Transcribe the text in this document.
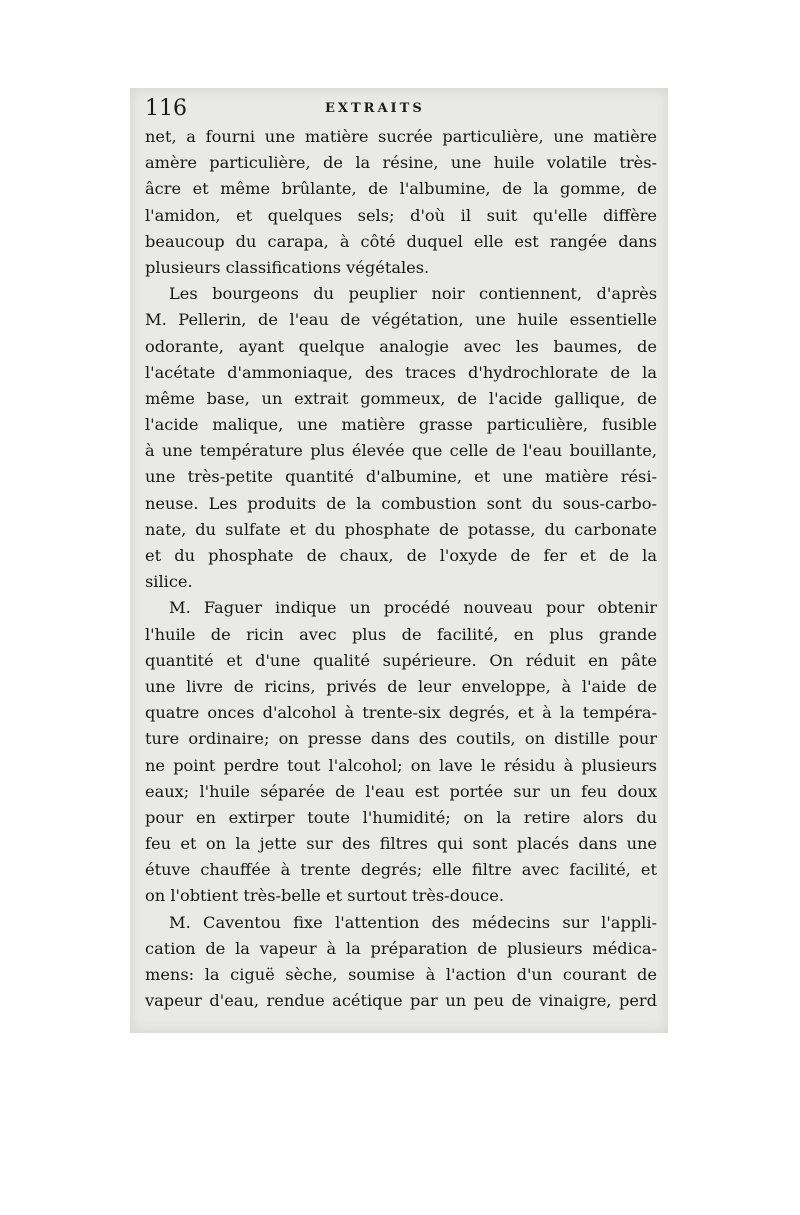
116	EXTRAITS
net, a fourni une matière sucrée particulière, une matière
amère particulière, de la résine, une huile volatile très-
âcre et même brûlante, de l'albumine, de la gomme, de
l'amidon, et quelques sels; d'où il suit qu'elle diffère
beaucoup du carapa, à côté duquel elle est rangée dans
plusieurs classifications végétales.
Les bourgeons du peuplier noir contiennent, d'après
M. Pellerin, de l'eau de végétation, une huile essentielle
odorante, ayant quelque analogie avec les baumes, de
l'acétate d'ammoniaque, des traces d'hydrochlorate de la
même base, un extrait gommeux, de l'acide gallique, de
l'acide malique, une matière grasse particulière, fusible
à une température plus élevée que celle de l'eau bouillante,
une très-petite quantité d'albumine, et une matière rési-
neuse. Les produits de la combustion sont du sous-carbo-
nate, du sulfate et du phosphate de potasse, du carbonate
et du phosphate de chaux, de l'oxyde de fer et de la
silice.
M. Faguer indique un procédé nouveau pour obtenir
l'huile de ricin avec plus de facilité, en plus grande
quantité et d'une qualité supérieure. On réduit en pâte
une livre de ricins, privés de leur enveloppe, à l'aide de
quatre onces d'alcohol à trente-six degrés, et à la tempéra-
ture ordinaire; on presse dans des coutils, on distille pour
ne point perdre tout l'alcohol; on lave le résidu à plusieurs
eaux; l'huile séparée de l'eau est portée sur un feu doux
pour en extirper toute l'humidité; on la retire alors du
feu et on la jette sur des filtres qui sont placés dans une
étuve chauffée à trente degrés; elle filtre avec facilité, et
on l'obtient très-belle et surtout très-douce.
M. Caventou fixe l'attention des médecins sur l'appli-
cation de la vapeur à la préparation de plusieurs médica-
mens: la ciguë sèche, soumise à l'action d'un courant de
vapeur d'eau, rendue acétique par un peu de vinaigre, perd
